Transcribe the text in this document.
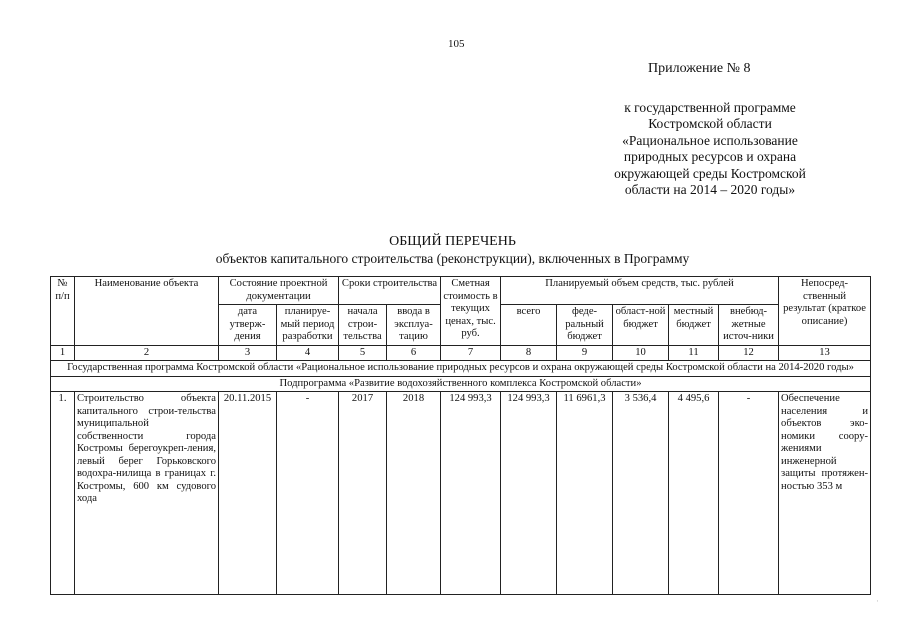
105
Приложение № 8
к государственной программе
Костромской области
«Рациональное использование
природных ресурсов и охрана
окружающей среды Костромской
области на 2014 – 2020 годы»
ОБЩИЙ ПЕРЕЧЕНЬ
объектов капитального строительства (реконструкции), включенных в Программу
№ п/п	Наименование объекта	Состояние проектной документации		Сроки строительства		Сметная стоимость в текущих ценах, тыс. руб.	Планируемый объем средств, тыс. рублей					Непосред-ственный результат (краткое описание)
		дата утверж-дения	планируе-мый период разработки	начала строи-тельства	ввода в эксплуа-тацию		всего	феде-ральный бюджет	област-ной бюджет	местный бюджет	внебюд-жетные источ-ники	
1	2	3	4	5	6	7	8	9	10	11	12	13
Государственная программа Костромской области «Рациональное использование природных ресурсов и охрана окружающей среды Костромской области на 2014-2020 годы»												
Подпрограмма «Развитие водохозяйственного комплекса Костромской области»												
1.	Строительство объекта капитального строи-тельства муниципальной собственности города Костромы берегоукреп-ления, левый берег Горьковского водохра-нилища в границах г. Костромы, 600 км судового хода	20.11.2015	-	2017	2018	124 993,3	124 993,3	11 6961,3	3 536,4	4 495,6	-	Обеспечение населения и объектов эко-номики соору-жениями инженерной защиты протяжен-ностью 353 м
·
